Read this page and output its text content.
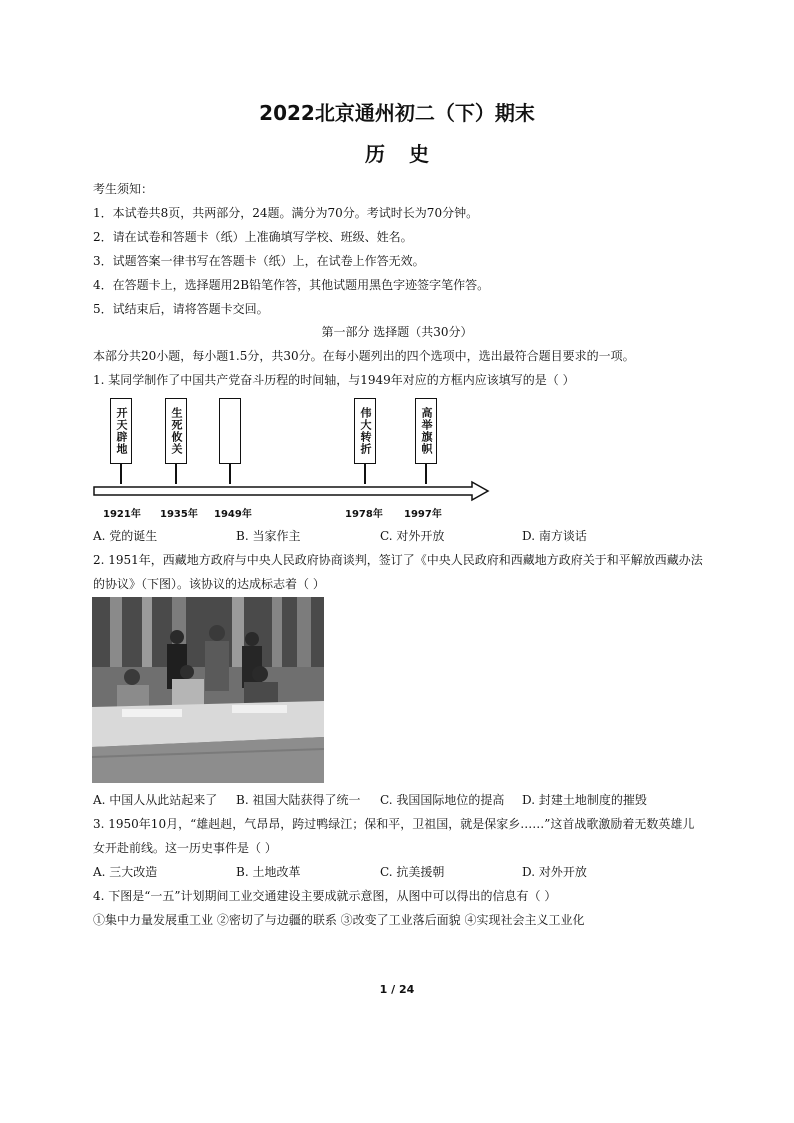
2022北京通州初二（下）期末
历史
考生须知：
1．本试卷共8页，共两部分，24题。满分为70分。考试时长为70分钟。
2．请在试卷和答题卡（纸）上准确填写学校、班级、姓名。
3．试题答案一律书写在答题卡（纸）上，在试卷上作答无效。
4．在答题卡上，选择题用2B铅笔作答，其他试题用黑色字迹签字笔作答。
5．试结束后，请将答题卡交回。
第一部分 选择题（共30分）
本部分共20小题，每小题1.5分，共30分。在每小题列出的四个选项中，选出最符合题目要求的一项。
1. 某同学制作了中国共产党奋斗历程的时间轴，与1949年对应的方框内应该填写的是（ ）
开天辟地	生死攸关	伟大转折	高举旗帜
1921年 1935年 1949年	1978年 1997年
A. 党的诞生	B. 当家作主	C. 对外开放	D. 南方谈话
2. 1951年，西藏地方政府与中央人民政府协商谈判，签订了《中央人民政府和西藏地方政府关于和平解放西藏办法
的协议》（下图）。该协议的达成标志着（ ）
A. 中国人从此站起来了 B. 祖国大陆获得了统一 C. 我国国际地位的提高 D. 封建土地制度的摧毁
3. 1950年10月，“雄赳赳，气昂昂，跨过鸭绿江；保和平，卫祖国，就是保家乡……”这首战歌激励着无数英雄儿
女开赴前线。这一历史事件是（ ）
A. 三大改造	B. 土地改革	C. 抗美援朝	D. 对外开放
4. 下图是“一五”计划期间工业交通建设主要成就示意图，从图中可以得出的信息有（ ）
①集中力量发展重工业 ②密切了与边疆的联系 ③改变了工业落后面貌 ④实现社会主义工业化
1 / 24
